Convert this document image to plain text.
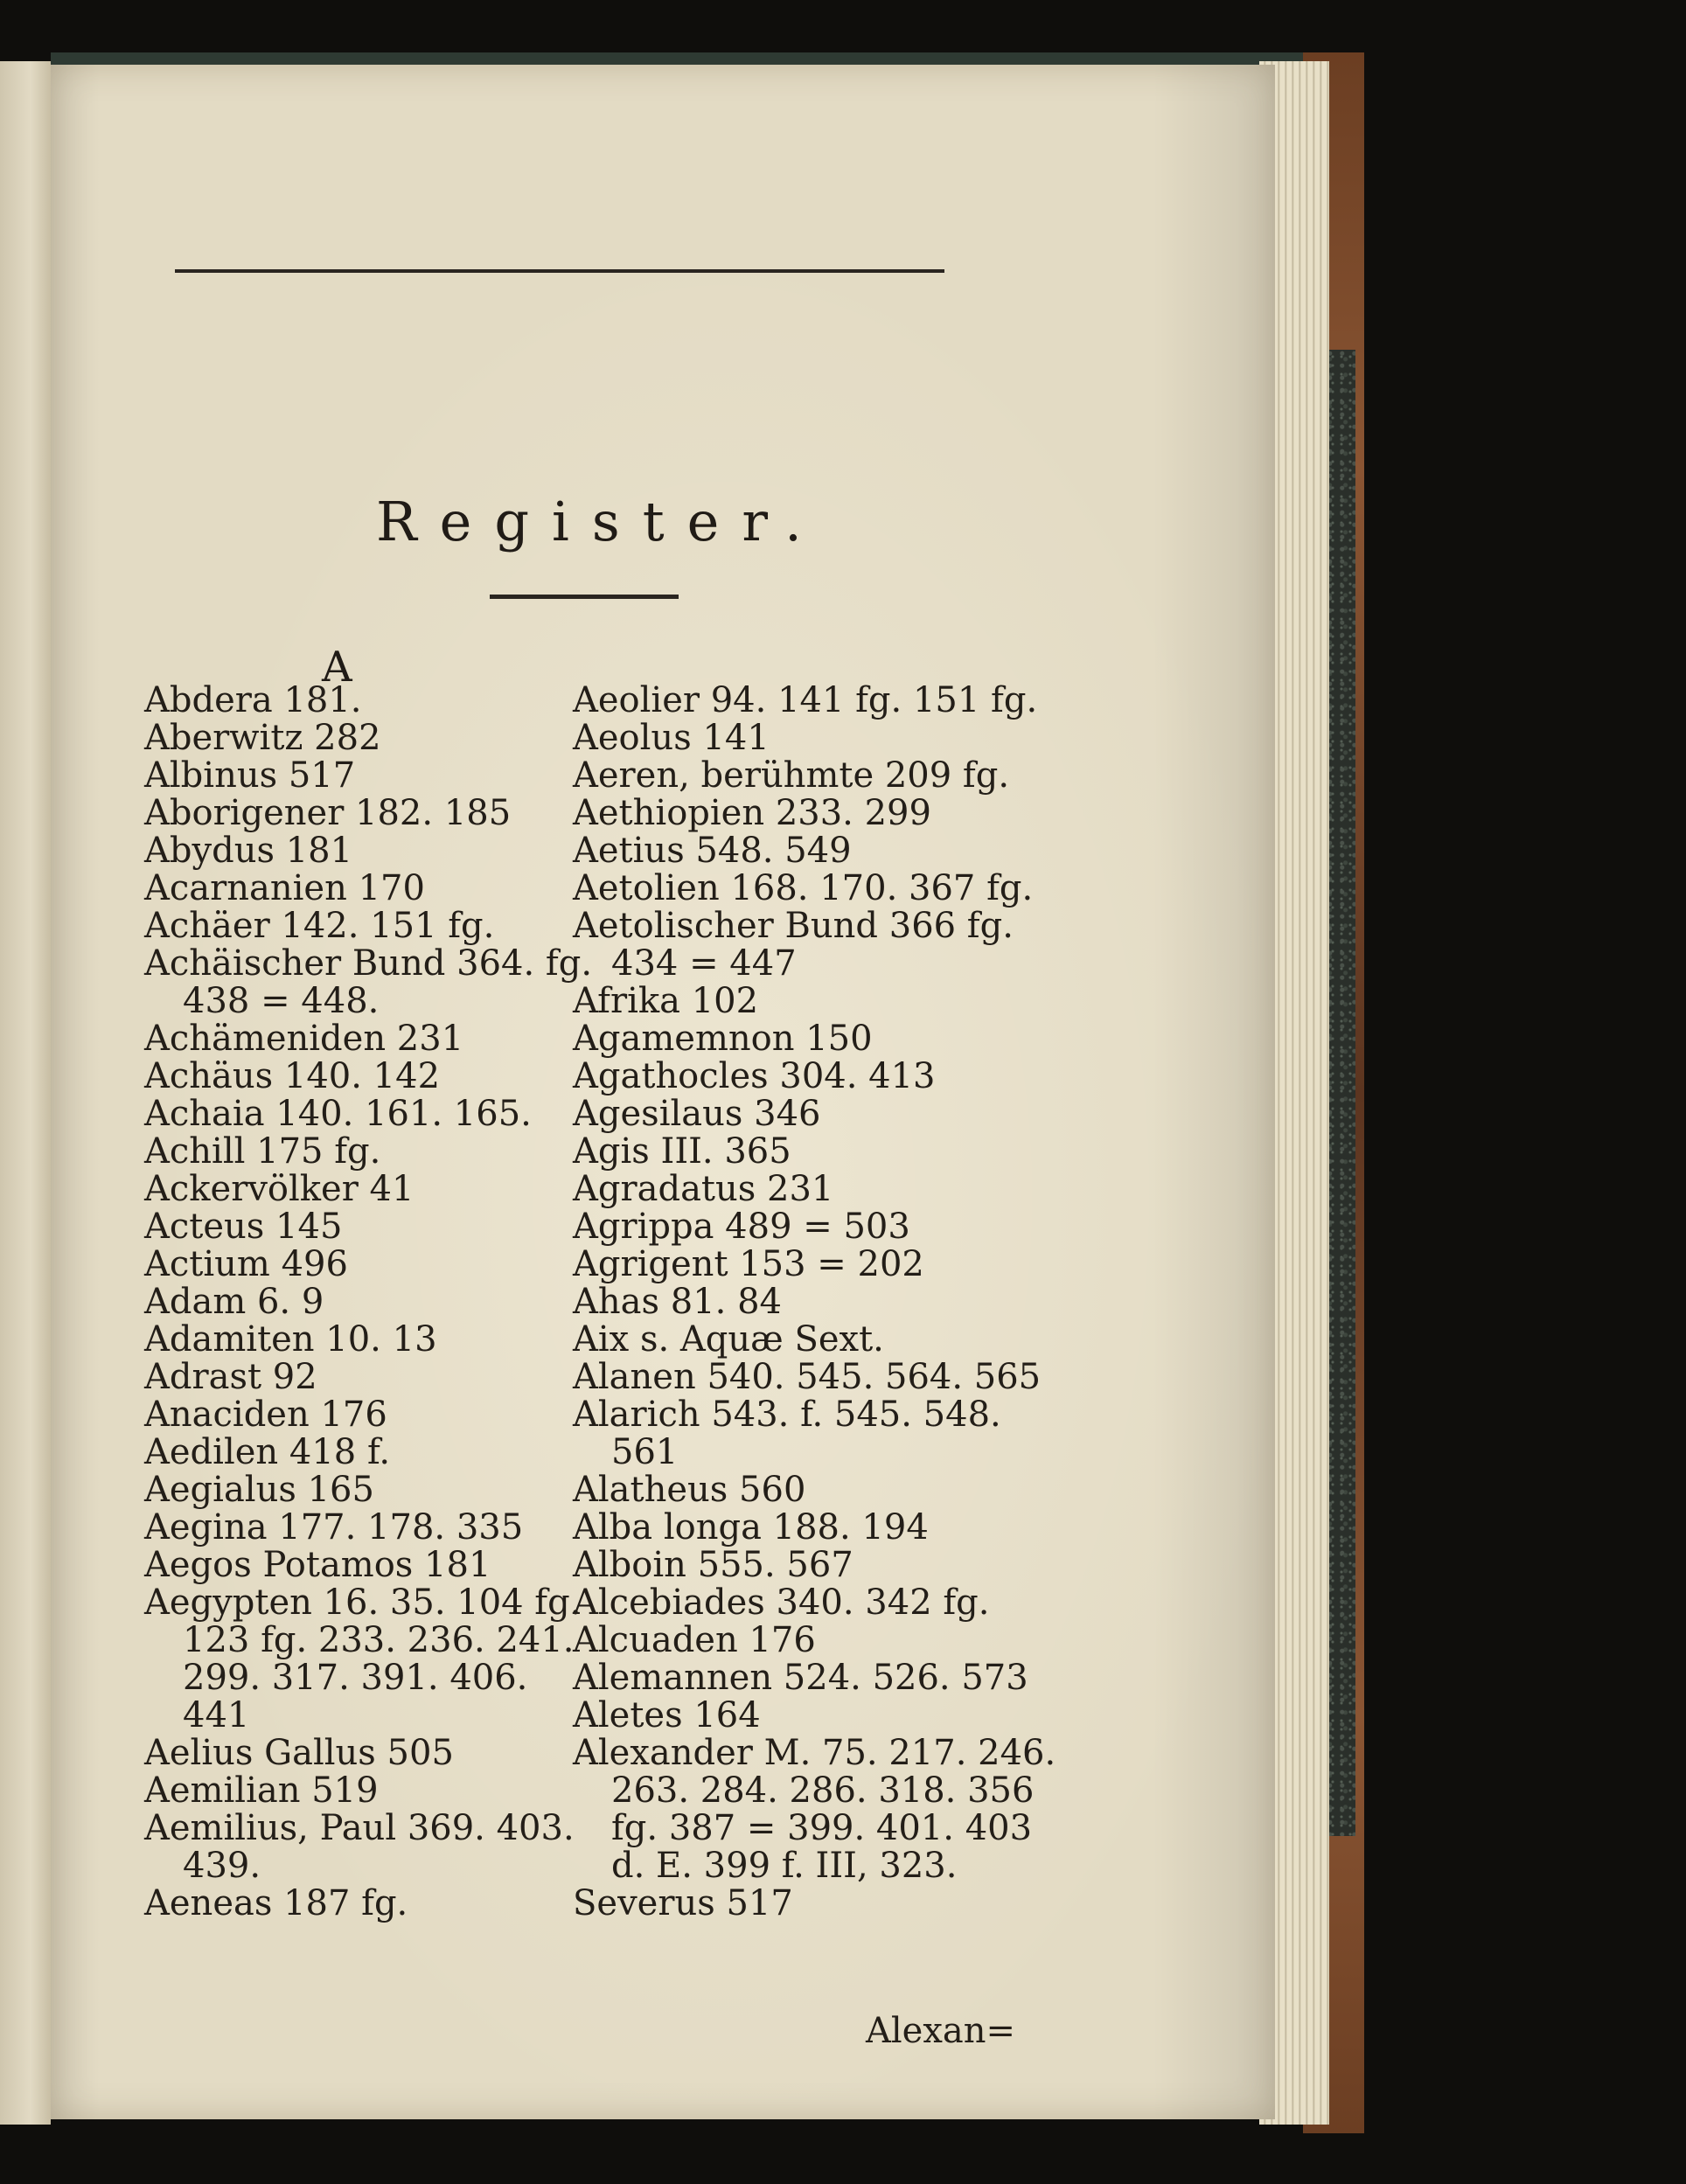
Register.
A
Abdera 181.
Aberwitz 282
Albinus 517
Aborigener 182. 185
Abydus 181
Acarnanien 170
Achäer 142. 151 fg.
Achäischer Bund 364. fg.
438 = 448.
Achämeniden 231
Achäus 140. 142
Achaia 140. 161. 165.
Achill 175 fg.
Ackervölker 41
Acteus 145
Actium 496
Adam 6. 9
Adamiten 10. 13
Adrast 92
Anaciden 176
Aedilen 418 f.
Aegialus 165
Aegina 177. 178. 335
Aegos Potamos 181
Aegypten 16. 35. 104 fg.
123 fg. 233. 236. 241.
299. 317. 391. 406.
441
Aelius Gallus 505
Aemilian 519
Aemilius, Paul 369. 403.
439.
Aeneas 187 fg.
Aeolier 94. 141 fg. 151 fg.
Aeolus 141
Aeren, berühmte 209 fg.
Aethiopien 233. 299
Aetius 548. 549
Aetolien 168. 170. 367 fg.
Aetolischer Bund 366 fg.
434 = 447
Afrika 102
Agamemnon 150
Agathocles 304. 413
Agesilaus 346
Agis III. 365
Agradatus 231
Agrippa 489 = 503
Agrigent 153 = 202
Ahas 81. 84
Aix s. Aquæ Sext.
Alanen 540. 545. 564. 565
Alarich 543. f. 545. 548.
561
Alatheus 560
Alba longa 188. 194
Alboin 555. 567
Alcebiades 340. 342 fg.
Alcuaden 176
Alemannen 524. 526. 573
Aletes 164
Alexander M. 75. 217. 246.
263. 284. 286. 318. 356
fg. 387 = 399. 401. 403
d. E. 399 f. III, 323.
Severus 517
Alexan=
